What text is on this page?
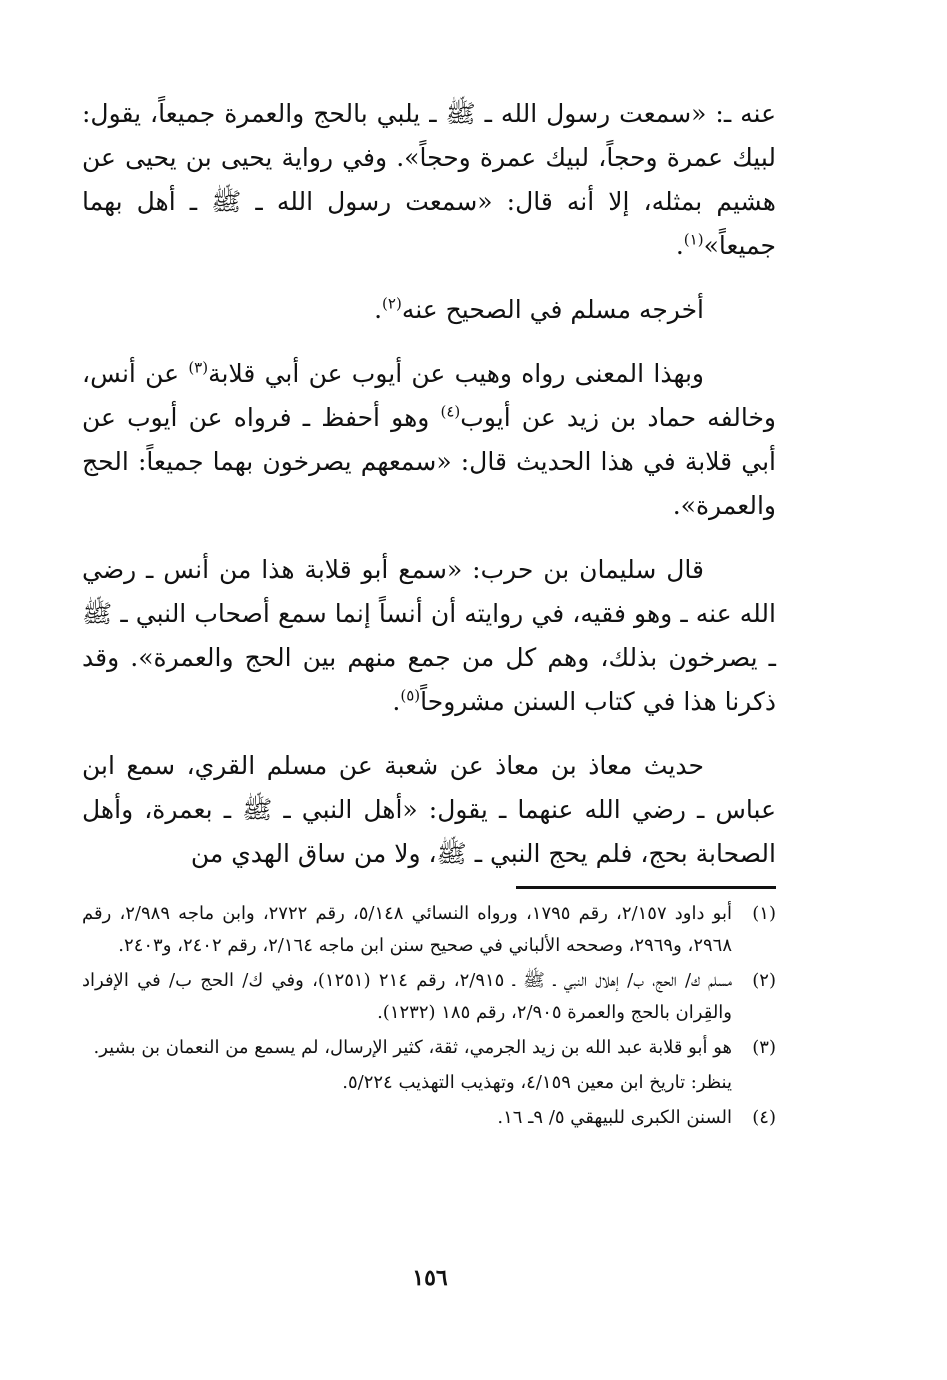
عنه ـ: «سمعت رسول الله ـ ﷺ ـ يلبي بالحج والعمرة جميعاً، يقول: لبيك عمرة وحجاً، لبيك عمرة وحجاً». وفي رواية يحيى بن يحيى عن هشيم بمثله، إلا أنه قال: «سمعت رسول الله ـ ﷺ ـ أهل بهما جميعاً»$^{(١)}$.

أخرجه مسلم في الصحيح عنه$^{(٢)}$.

وبهذا المعنى رواه وهيب عن أيوب عن أبي قلابة$^{(٣)}$ عن أنس، وخالفه حماد بن زيد عن أيوب$^{(٤)}$ وهو أحفظ ـ فرواه عن أيوب عن أبي قلابة في هذا الحديث قال: «سمعهم يصرخون بهما جميعاً: الحج والعمرة».

قال سليمان بن حرب: «سمع أبو قلابة هذا من أنس ـ رضي الله عنه ـ وهو فقيه، في روايته أن أنساً إنما سمع أصحاب النبي ـ ﷺ ـ يصرخون بذلك، وهم كل من جمع منهم بين الحج والعمرة». وقد ذكرنا هذا في كتاب السنن مشروحاً$^{(٥)}$.

حديث معاذ بن معاذ عن شعبة عن مسلم القري، سمع ابن عباس ـ رضي الله عنهما ـ يقول: «أهل النبي ـ ﷺ ـ بعمرة، وأهل الصحابة بحج، فلم يحج النبي ـ ﷺ، ولا من ساق الهدي من

(١)
أبو داود ٢/١٥٧، رقم ١٧٩٥، ورواه النسائي ٥/١٤٨، رقم ٢٧٢٢، وابن ماجه ٢/٩٨٩، رقم ٢٩٦٨، و٢٩٦٩، وصححه الألباني في صحيح سنن ابن ماجه ٢/١٦٤، رقم ٢٤٠٢، و٢٤٠٣.
(٢)
مسلم ك/ الحج، ب/ إهلال النبي ـ ﷺ ـ ٢/٩١٥، رقم ٢١٤ (١٢٥١)، وفي ك/ الحج ب/ في الإفراد والقِران بالحج والعمرة ٢/٩٠٥، رقم ١٨٥ (١٢٣٢).
(٣)
هو أبو قلابة عبد الله بن زيد الجرمي، ثقة، كثير الإرسال، لم يسمع من النعمان بن بشير.
ينظر: تاريخ ابن معين ٤/١٥٩، وتهذيب التهذيب ٥/٢٢٤.
(٤)
السنن الكبرى للبيهقي ٥/ ٩ـ ١٦.
١٥٦
